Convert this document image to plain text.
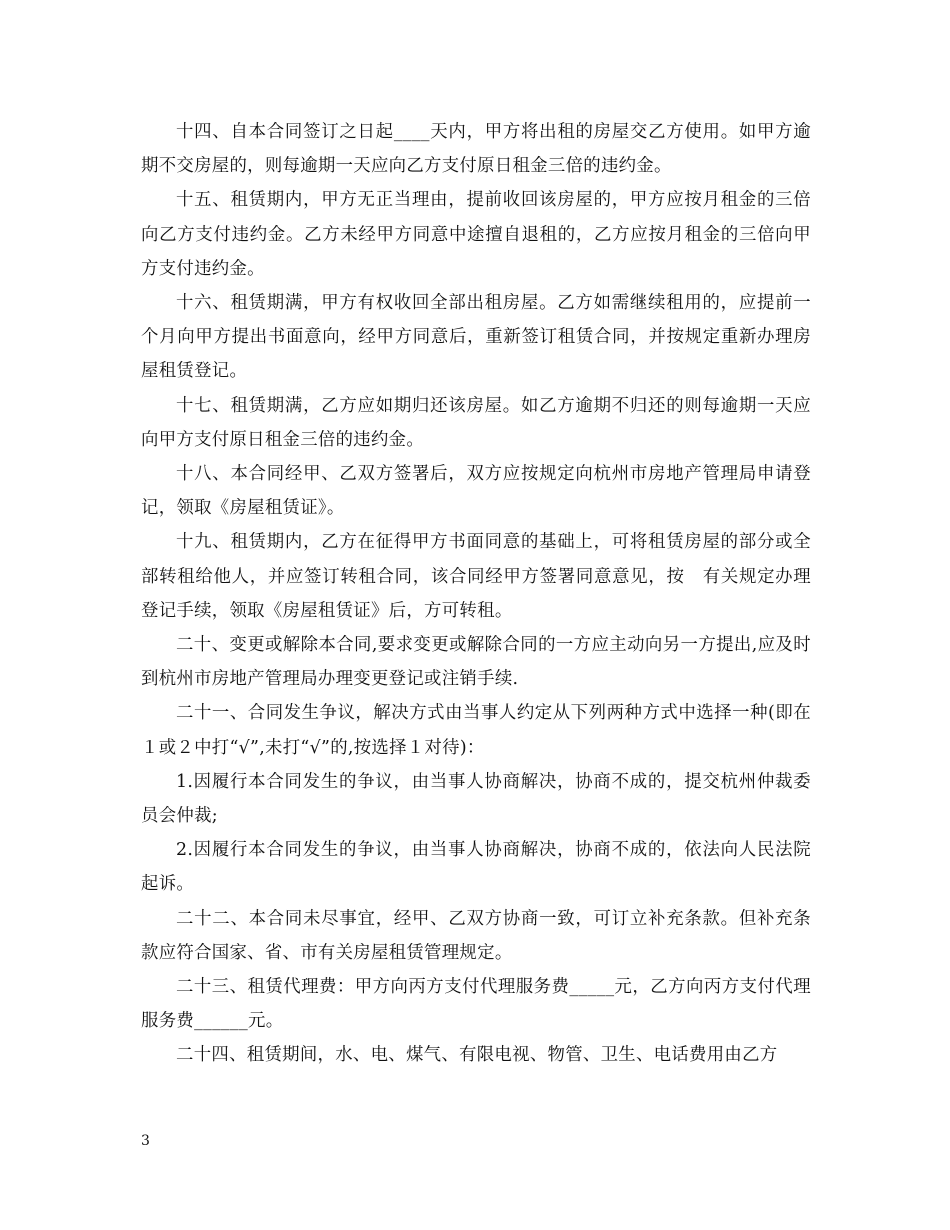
十四、自本合同签订之日起____天内，甲方将出租的房屋交乙方使用。如甲方逾期不交房屋的，则每逾期一天应向乙方支付原日租金三倍的违约金。

十五、租赁期内，甲方无正当理由，提前收回该房屋的，甲方应按月租金的三倍向乙方支付违约金。乙方未经甲方同意中途擅自退租的，乙方应按月租金的三倍向甲方支付违约金。

十六、租赁期满，甲方有权收回全部出租房屋。乙方如需继续租用的，应提前一个月向甲方提出书面意向，经甲方同意后，重新签订租赁合同，并按规定重新办理房屋租赁登记。

十七、租赁期满，乙方应如期归还该房屋。如乙方逾期不归还的则每逾期一天应向甲方支付原日租金三倍的违约金。

十八、本合同经甲、乙双方签署后，双方应按规定向杭州市房地产管理局申请登记，领取《房屋租赁证》。

十九、租赁期内，乙方在征得甲方书面同意的基础上，可将租赁房屋的部分或全部转租给他人，并应签订转租合同，该合同经甲方签署同意意见，按　有关规定办理登记手续，领取《房屋租赁证》后，方可转租。

二十、变更或解除本合同,要求变更或解除合同的一方应主动向另一方提出,应及时到杭州市房地产管理局办理变更登记或注销手续.

二十一、合同发生争议，解决方式由当事人约定从下列两种方式中选择一种(即在１或２中打“√”,未打“√”的,按选择１对待)：

1.因履行本合同发生的争议，由当事人协商解决，协商不成的，提交杭州仲裁委员会仲裁;

2.因履行本合同发生的争议，由当事人协商解决，协商不成的，依法向人民法院起诉。

二十二、本合同未尽事宜，经甲、乙双方协商一致，可订立补充条款。但补充条款应符合国家、省、市有关房屋租赁管理规定。

二十三、租赁代理费：甲方向丙方支付代理服务费_____元，乙方向丙方支付代理服务费______元。

二十四、租赁期间，水、电、煤气、有限电视、物管、卫生、电话费用由乙方

3
